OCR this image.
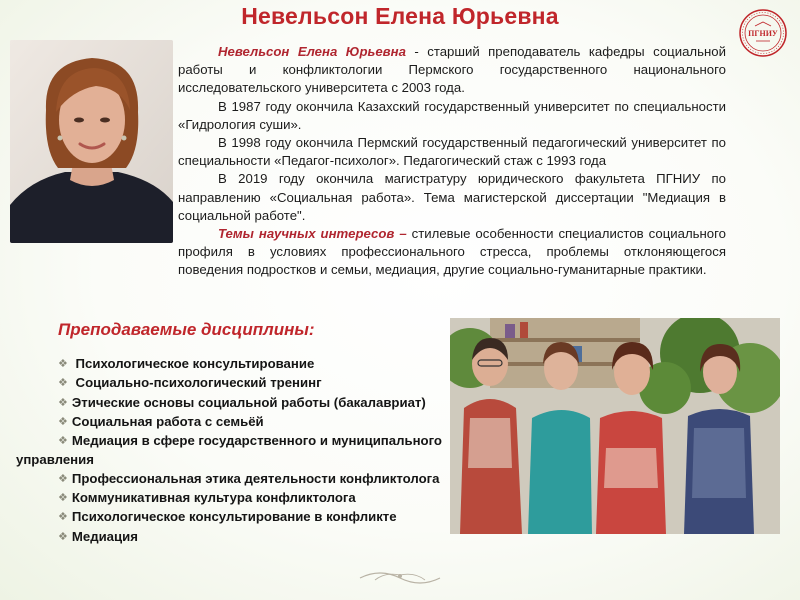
Невельсон Елена Юрьевна
ПГНИУ

Невельсон Елена Юрьевна - старший преподаватель кафедры социальной работы и конфликтологии Пермского государственного национального исследовательского университета с 2003 года.

В 1987 году окончила Казахский государственный университет по специальности «Гидрология суши».

В 1998 году окончила Пермский государственный педагогический университет по специальности «Педагог-психолог». Педагогический стаж с 1993 года

В 2019 году окончила магистратуру юридического факультета ПГНИУ по направлению «Социальная работа». Тема магистерской диссертации "Медиация в социальной работе".

Темы научных интересов – стилевые особенности специалистов социального профиля в условиях профессионального стресса, проблемы отклоняющегося поведения подростков и семьи, медиация, другие социально-гуманитарные практики.

Преподаваемые дисциплины:
❖ Психологическое консультирование
❖ Социально-психологический тренинг
❖ Этические основы социальной работы (бакалавриат)
❖ Социальная работа с семьёй
❖ Медиация в сфере государственного и муниципального управления
❖ Профессиональная этика деятельности конфликтолога
❖ Коммуникативная культура конфликтолога
❖ Психологическое консультирование в конфликте
❖ Медиация
